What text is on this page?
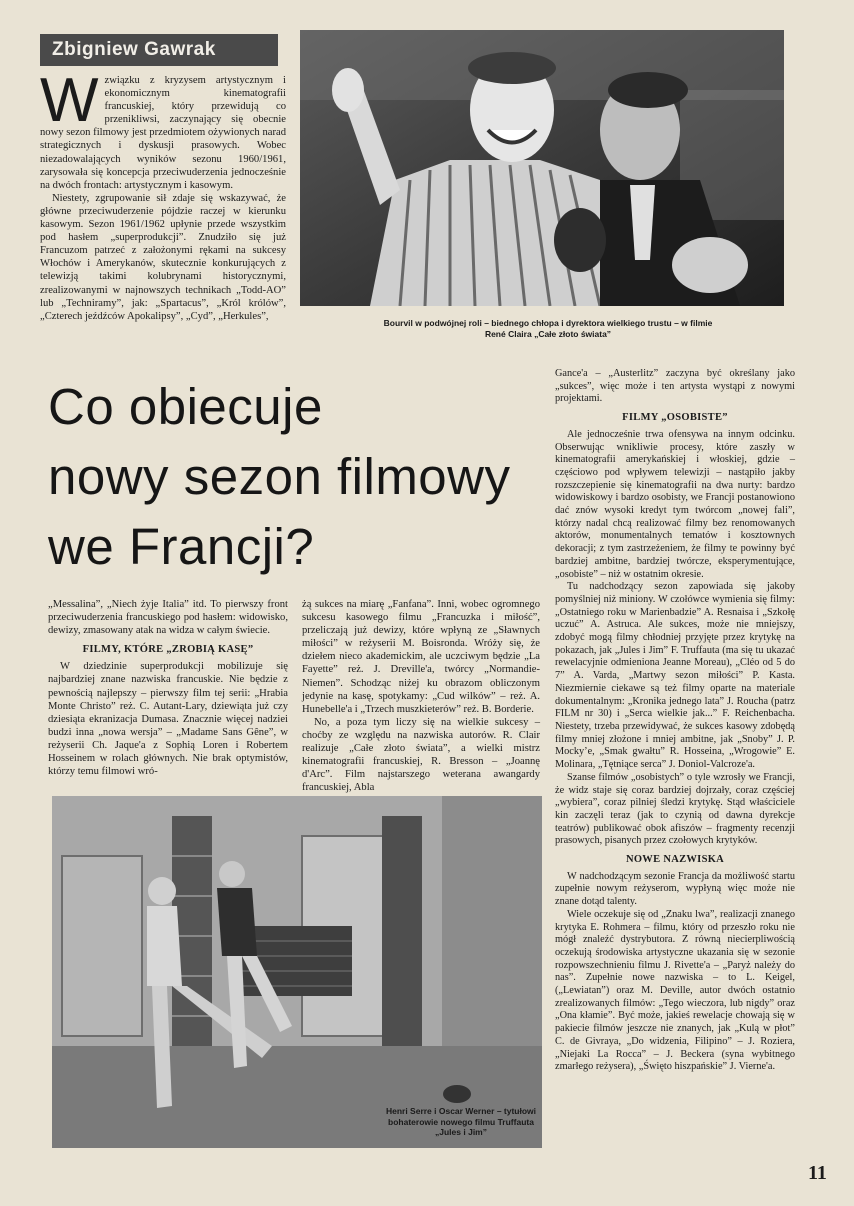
Zbigniew Gawrak
W związku z kryzysem artystycznym i ekonomicznym kinematografii francuskiej, który przewidują co przenikliwsi, zaczynający się obecnie nowy sezon filmowy jest przedmiotem ożywionych narad strategicznych i dyskusji prasowych. Wobec niezadowalających wyników sezonu 1960/1961, zarysowała się koncepcja przeciwuderzenia jednocześnie na dwóch frontach: artystycznym i kasowym.

Niestety, zgrupowanie sił zdaje się wskazywać, że główne przeciwuderzenie pójdzie raczej w kierunku kasowym. Sezon 1961/1962 upłynie przede wszystkim pod hasłem „superprodukcji”. Znudziło się już Francuzom patrzeć z założonymi rękami na sukcesy Włochów i Amerykanów, skutecznie konkurujących z telewizją takimi kolubrynami historycznymi, zrealizowanymi w najnowszych technikach „Todd-AO” lub „Techniramy”, jak: „Spartacus”, „Król królów”, „Czterech jeźdźców Apokalipsy”, „Cyd”, „Herkules”,

Bourvil w podwójnej roli – biednego chłopa i dyrektora wielkiego trustu – w filmie René Claira „Całe złoto świata”
Co obiecuje
nowy sezon filmowy
we Francji?

„Messalina”, „Niech żyje Italia” itd. To pierwszy front przeciwuderzenia francuskiego pod hasłem: widowisko, dewizy, zmasowany atak na widza w całym świecie.

FILMY, KTÓRE „ZROBIĄ KASĘ”

W dziedzinie superprodukcji mobilizuje się najbardziej znane nazwiska francuskie. Nie będzie z pewnością najlepszy – pierwszy film tej serii: „Hrabia Monte Christo” reż. C. Autant-Lary, dziewiąta już czy dziesiąta ekranizacja Dumasa. Znacznie więcej nadziei budzi inna „nowa wersja” – „Madame Sans Gêne”, w reżyserii Ch. Jaque'a z Sophią Loren i Robertem Hosseinem w rolach głównych. Nie brak optymistów, którzy temu filmowi wró-

żą sukces na miarę „Fanfana”. Inni, wobec ogromnego sukcesu kasowego filmu „Francuzka i miłość”, przeliczają już dewizy, które wpłyną ze „Sławnych miłości” w reżyserii M. Boisronda. Wróży się, że dziełem nieco akademickim, ale uczciwym będzie „La Fayette” reż. J. Dreville'a, twórcy „Normandie-Niemen”. Schodząc niżej ku obrazom obliczonym jedynie na kasę, spotykamy: „Cud wilków” – reż. A. Hunebelle'a i „Trzech muszkieterów” reż. B. Borderie.

No, a poza tym liczy się na wielkie sukcesy – choćby ze względu na nazwiska autorów. R. Clair realizuje „Całe złoto świata”, a wielki mistrz kinematografii francuskiej, R. Bresson – „Joannę d'Arc”. Film najstarszego weterana awangardy francuskiej, Abla

Gance'a – „Austerlitz” zaczyna być określany jako „sukces”, więc może i ten artysta wystąpi z nowymi projektami.

FILMY „OSOBISTE”

Ale jednocześnie trwa ofensywa na innym odcinku. Obserwując wnikliwie procesy, które zaszły w kinematografii amerykańskiej i włoskiej, gdzie – częściowo pod wpływem telewizji – nastąpiło jakby rozszczepienie się kinematografii na dwa nurty: bardzo widowiskowy i bardzo osobisty, we Francji postanowiono dać znów wysoki kredyt tym twórcom „nowej fali”, którzy nadal chcą realizować filmy bez renomowanych aktorów, monumentalnych tematów i kosztownych dekoracji; z tym zastrzeżeniem, że filmy te powinny być bardziej ambitne, bardziej twórcze, eksperymentujące, „osobiste” – niż w ostatnim okresie.

Tu nadchodzący sezon zapowiada się jakoby pomyślniej niż miniony. W czołówce wymienia się filmy: „Ostatniego roku w Marienbadzie” A. Resnaisa i „Szkołę uczuć” A. Astruca. Ale sukces, może nie mniejszy, zdobyć mogą filmy chłodniej przyjęte przez krytykę na pokazach, jak „Jules i Jim” F. Truffauta (ma się tu ukazać rewelacyjnie odmieniona Jeanne Moreau), „Cléo od 5 do 7” A. Varda, „Martwy sezon miłości” P. Kasta. Niezmiernie ciekawe są też filmy oparte na materiale dokumentalnym: „Kronika jednego lata” J. Roucha (patrz FILM nr 30) i „Serca wielkie jak...” F. Reichenbacha. Niestety, trzeba przewidywać, że sukces kasowy zdobędą filmy mniej złożone i mniej ambitne, jak „Snoby” J. P. Mockyʼe, „Smak gwałtu” R. Hosseina, „Wrogowie” E. Molinara, „Tętniące serca” J. Doniol-Valcroze'a.

Szanse filmów „osobistych” o tyle wzrosły we Francji, że widz staje się coraz bardziej dojrzały, coraz częściej „wybiera”, coraz pilniej śledzi krytykę. Stąd właściciele kin zaczęli teraz (jak to czynią od dawna dyrekcje teatrów) publikować obok afiszów – fragmenty recenzji prasowych, pisanych przez czołowych krytyków.

NOWE NAZWISKA

W nadchodzącym sezonie Francja da możliwość startu zupełnie nowym reżyserom, wypłyną więc może nie znane dotąd talenty.

Wiele oczekuje się od „Znaku lwa”, realizacji znanego krytyka E. Rohmera – filmu, który od przeszło roku nie mógł znaleźć dystrybutora. Z równą niecierpliwością oczekują środowiska artystyczne ukazania się w sezonie rozpowszechnieniu filmu J. Rivette'a – „Paryż należy do nas”. Zupełnie nowe nazwiska – to L. Keigel, („Lewiatan”) oraz M. Deville, autor dwóch ostatnio zrealizowanych filmów: „Tego wieczora, lub nigdy” oraz „Ona kłamie”. Być może, jakieś rewelacje chowają się w pakiecie filmów jeszcze nie znanych, jak „Kulą w płot” C. de Givraya, „Do widzenia, Filipino” – J. Roziera, „Niejaki La Rocca” – J. Beckera (syna wybitnego zmarłego reżysera), „Święto hiszpańskie” J. Vierne'a.

Henri Serre i Oscar Werner – tytułowi bohaterowie nowego filmu Truffauta „Jules i Jim”
11
